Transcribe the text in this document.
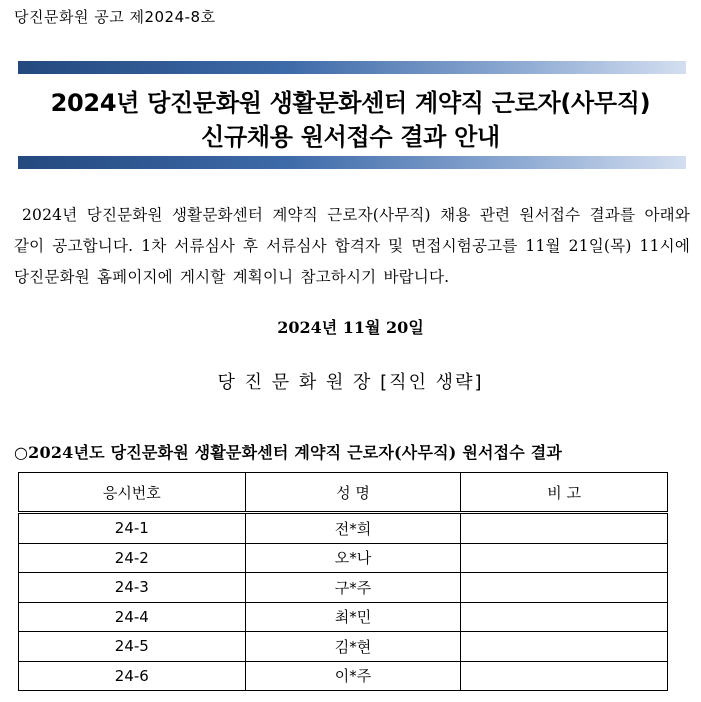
당진문화원 공고 제2024-8호
2024년 당진문화원 생활문화센터 계약직 근로자(사무직)
신규채용 원서접수 결과 안내
2024년 당진문화원 생활문화센터 계약직 근로자(사무직) 채용 관련 원서접수 결과를 아래와 같이 공고합니다. 1차 서류심사 후 서류심사 합격자 및 면접시험공고를 11월 21일(목) 11시에 당진문화원 홈페이지에 게시할 계획이니 참고하시기 바랍니다.
2024년 11월 20일
당 진 문 화 원 장 [직인 생략]
○2024년도 당진문화원 생활문화센터 계약직 근로자(사무직) 원서접수 결과
응시번호	성 명	비 고
24-1	전*희	
24-2	오*나	
24-3	구*주	
24-4	최*민	
24-5	김*현	
24-6	이*주	
